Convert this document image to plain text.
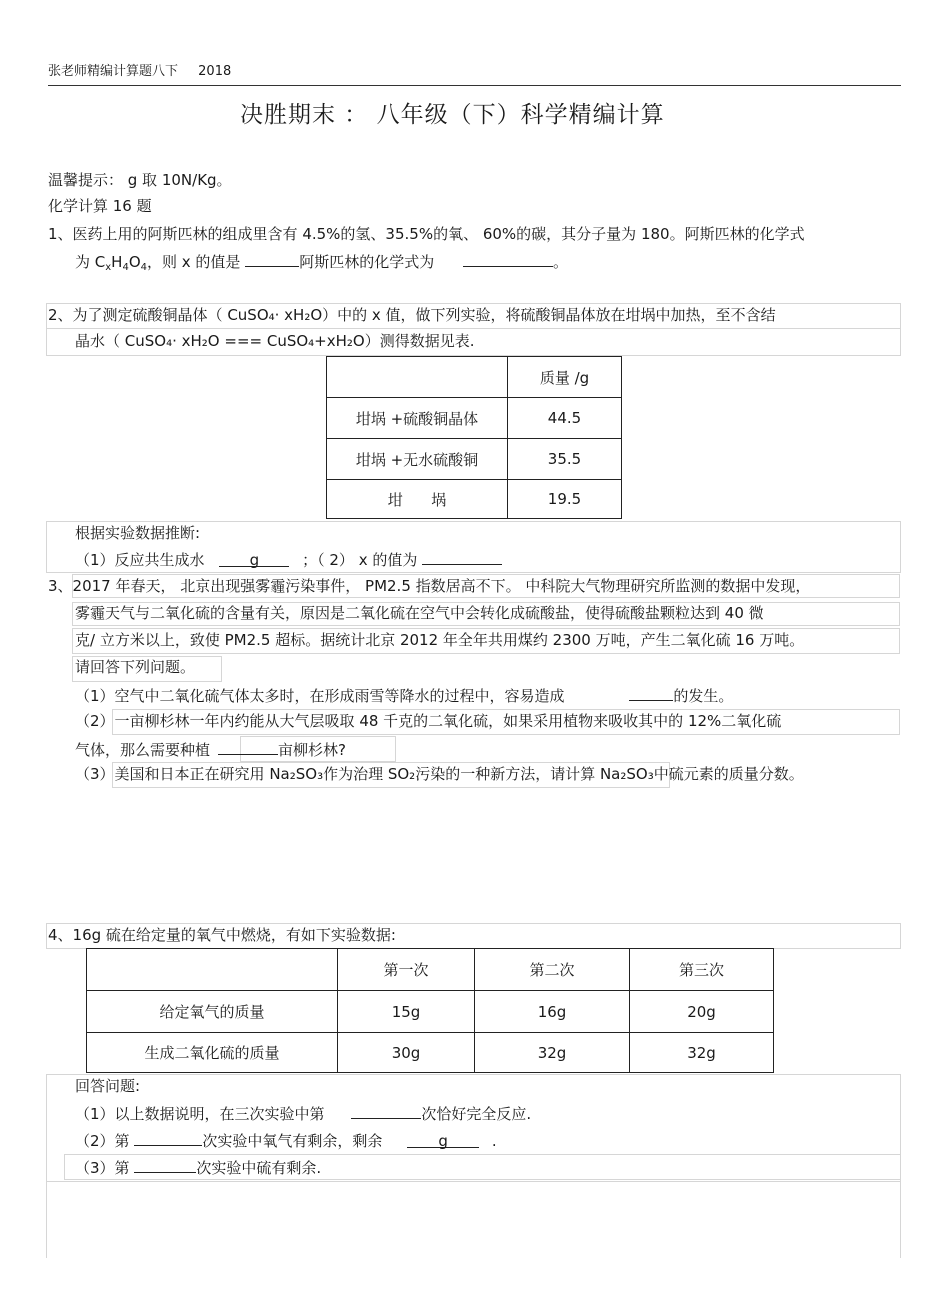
张老师精编计算题八下 2018
决胜期末 ： 八年级（下）科学精编计算
温馨提示： g 取 10N/Kg。
化学计算 16 题
1、医药上用的阿斯匹林的组成里含有 4.5%的氢、35.5%的氧、 60%的碳，其分子量为 180。阿斯匹林的化学式
为 $C_xH_4O_4$，则 x 的值是	阿斯匹林的化学式为	。
2、为了测定硫酸铜晶体（ CuSO₄· xH₂O）中的 x 值，做下列实验，将硫酸铜晶体放在坩埚中加热，至不含结
晶水（ CuSO₄· xH₂O === CuSO₄+xH₂O）测得数据见表.
	质量 /g
坩埚 +硫酸铜晶体	44.5
坩埚 +无水硫酸铜	35.5
坩      埚	19.5
根据实验数据推断:
（1）反应共生成水	g	；（ 2） x 的值为
3、2017 年春天， 北京出现强雾霾污染事件， PM2.5 指数居高不下。 中科院大气物理研究所监测的数据中发现，
雾霾天气与二氧化硫的含量有关，原因是二氧化硫在空气中会转化成硫酸盐，使得硫酸盐颗粒达到 40 微
克/ 立方米以上，致使 PM2.5 超标。据统计北京 2012 年全年共用煤约 2300 万吨，产生二氧化硫 16 万吨。
请回答下列问题。
（1）空气中二氧化硫气体太多时，在形成雨雪等降水的过程中，容易造成	的发生。
（2）一亩柳杉林一年内约能从大气层吸取 48 千克的二氧化硫，如果采用植物来吸收其中的 12%二氧化硫
气体，那么需要种植	亩柳杉林?
（3）美国和日本正在研究用 Na₂SO₃作为治理 SO₂污染的一种新方法，请计算 Na₂SO₃中硫元素的质量分数。
4、16g 硫在给定量的氧气中燃烧，有如下实验数据:
	第一次	第二次	第三次
给定氧气的质量	15g	16g	20g
生成二氧化硫的质量	30g	32g	32g
回答问题:
（1）以上数据说明，在三次实验中第	次恰好完全反应.
（2）第	次实验中氧气有剩余，剩余	g	.
（3）第	次实验中硫有剩余.
